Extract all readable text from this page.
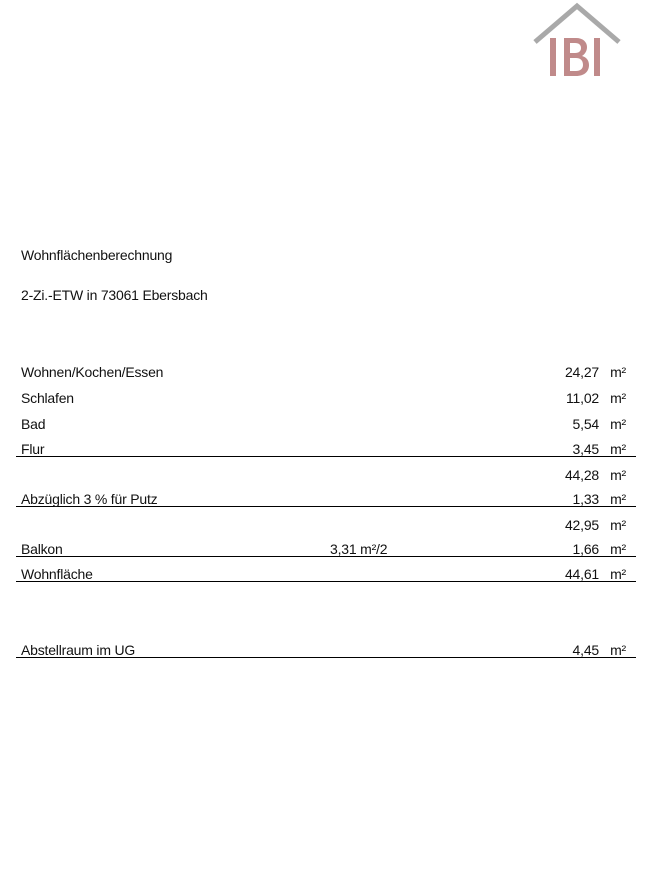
Wohnflächenberechnung
2-Zi.-ETW in 73061 Ebersbach
Wohnen/Kochen/Essen	24,27 m²
Schlafen	11,02 m²
Bad	5,54 m²
Flur	3,45 m²
44,28 m²
Abzüglich 3 % für Putz	1,33 m²
42,95 m²
Balkon	3,31 m²/2	1,66 m²
Wohnfläche	44,61 m²
Abstellraum im UG	4,45 m²
